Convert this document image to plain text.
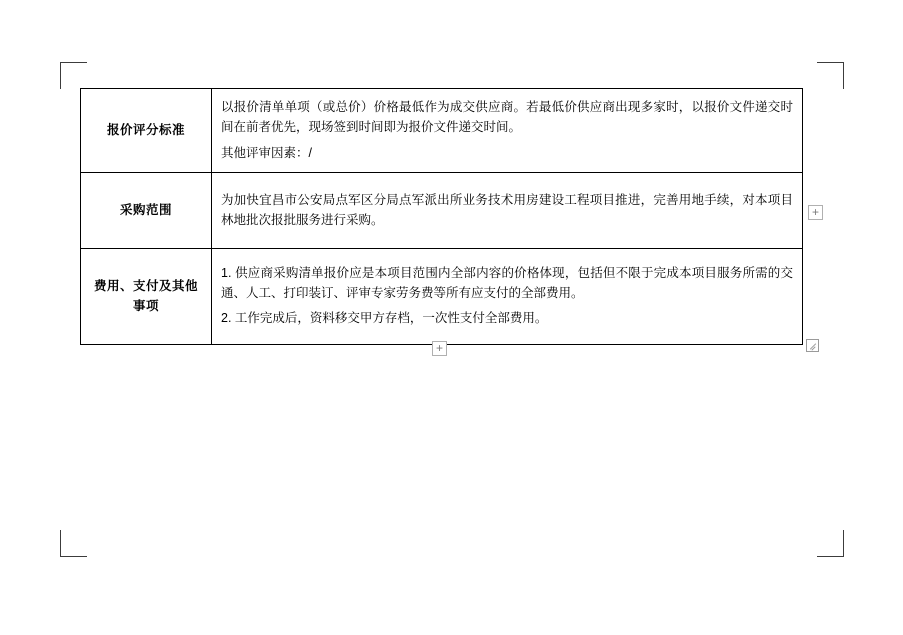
报价评分标准	以报价清单单项（或总价）价格最低作为成交供应商。若最低价供应商出现多家时，以报价文件递交时间在前者优先，现场签到时间即为报价文件递交时间。

其他评审因素：/

采购范围	为加快宜昌市公安局点军区分局点军派出所业务技术用房建设工程项目推进，完善用地手续，对本项目林地批次报批服务进行采购。

费用、支付及其他事项	1. 供应商采购清单报价应是本项目范围内全部内容的价格体现，包括但不限于完成本项目服务所需的交通、人工、打印装订、评审专家劳务费等所有应支付的全部费用。

2. 工作完成后，资料移交甲方存档，一次性支付全部费用。

+
+
